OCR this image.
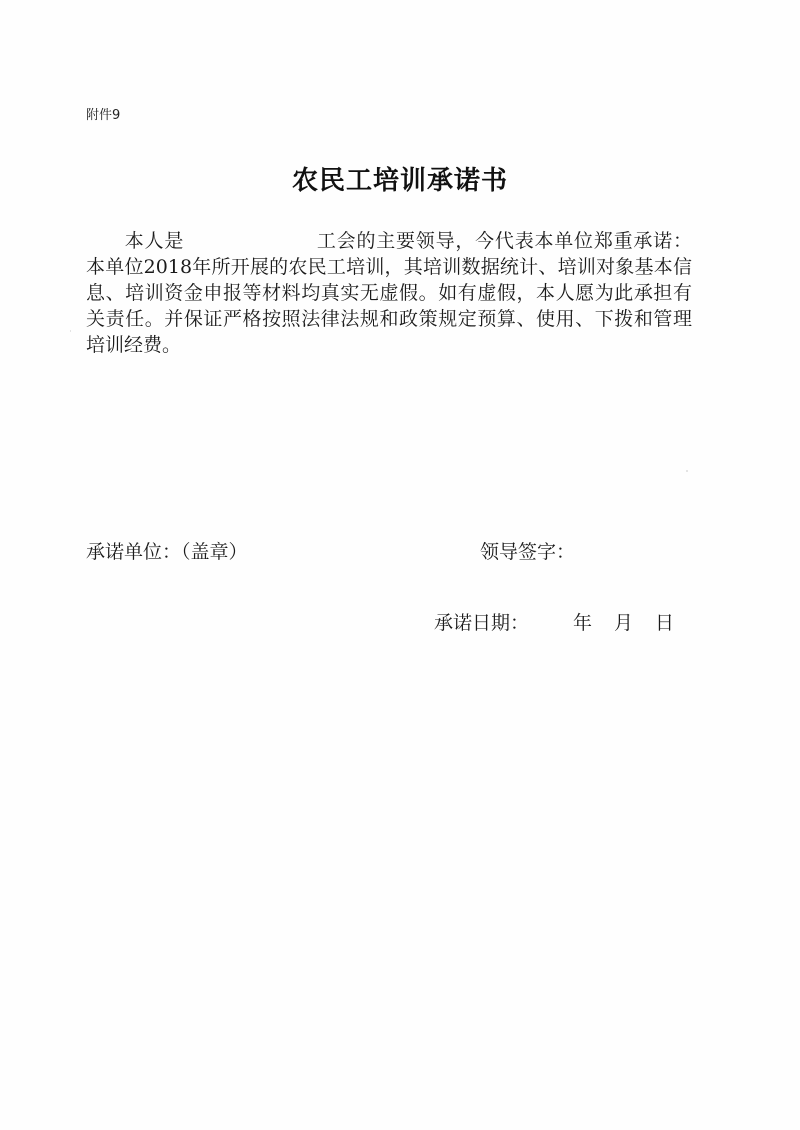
附件9
农民工培训承诺书
本人是	工会的主要领导，今代表本单位郑重承诺：本单位2018年所开展的农民工培训，其培训数据统计、培训对象基本信息、培训资金申报等材料均真实无虚假。如有虚假，本人愿为此承担有关责任。并保证严格按照法律法规和政策规定预算、使用、下拨和管理培训经费。
承诺单位：（盖章）	领导签字：
承诺日期： 年 月 日
